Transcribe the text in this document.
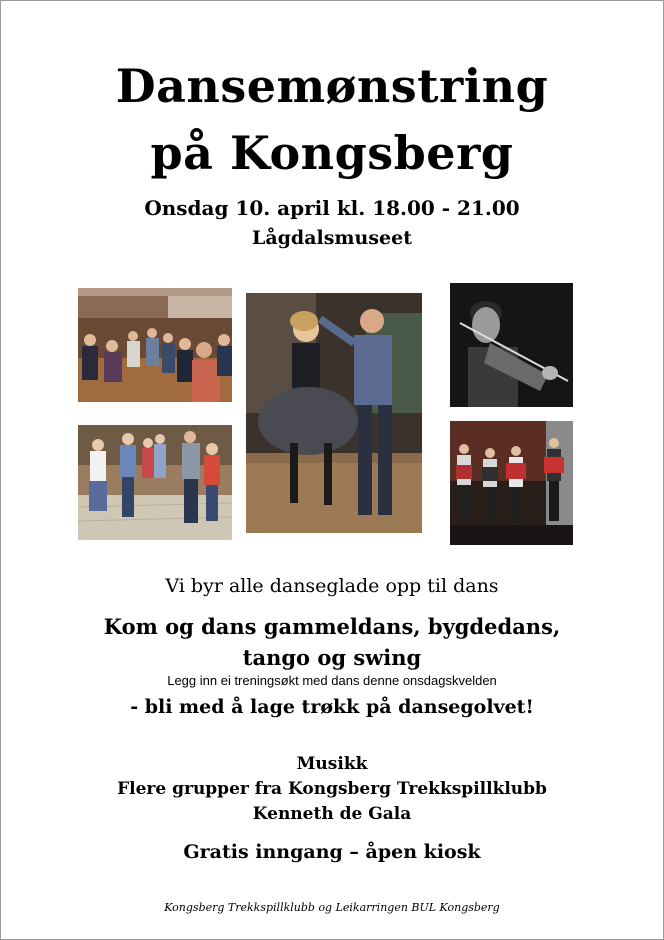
Dansemønstring
på Kongsberg
Onsdag 10. april kl. 18.00 - 21.00
Lågdalsmuseet
Vi byr alle danseglade opp til dans
Kom og dans gammeldans, bygdedans,
tango og swing
Legg inn ei treningsøkt med dans denne onsdagskvelden
- bli med å lage trøkk på dansegolvet!
Musikk
Flere grupper fra Kongsberg Trekkspillklubb
Kenneth de Gala
Gratis inngang – åpen kiosk
Kongsberg Trekkspillklubb og Leikarringen BUL Kongsberg
